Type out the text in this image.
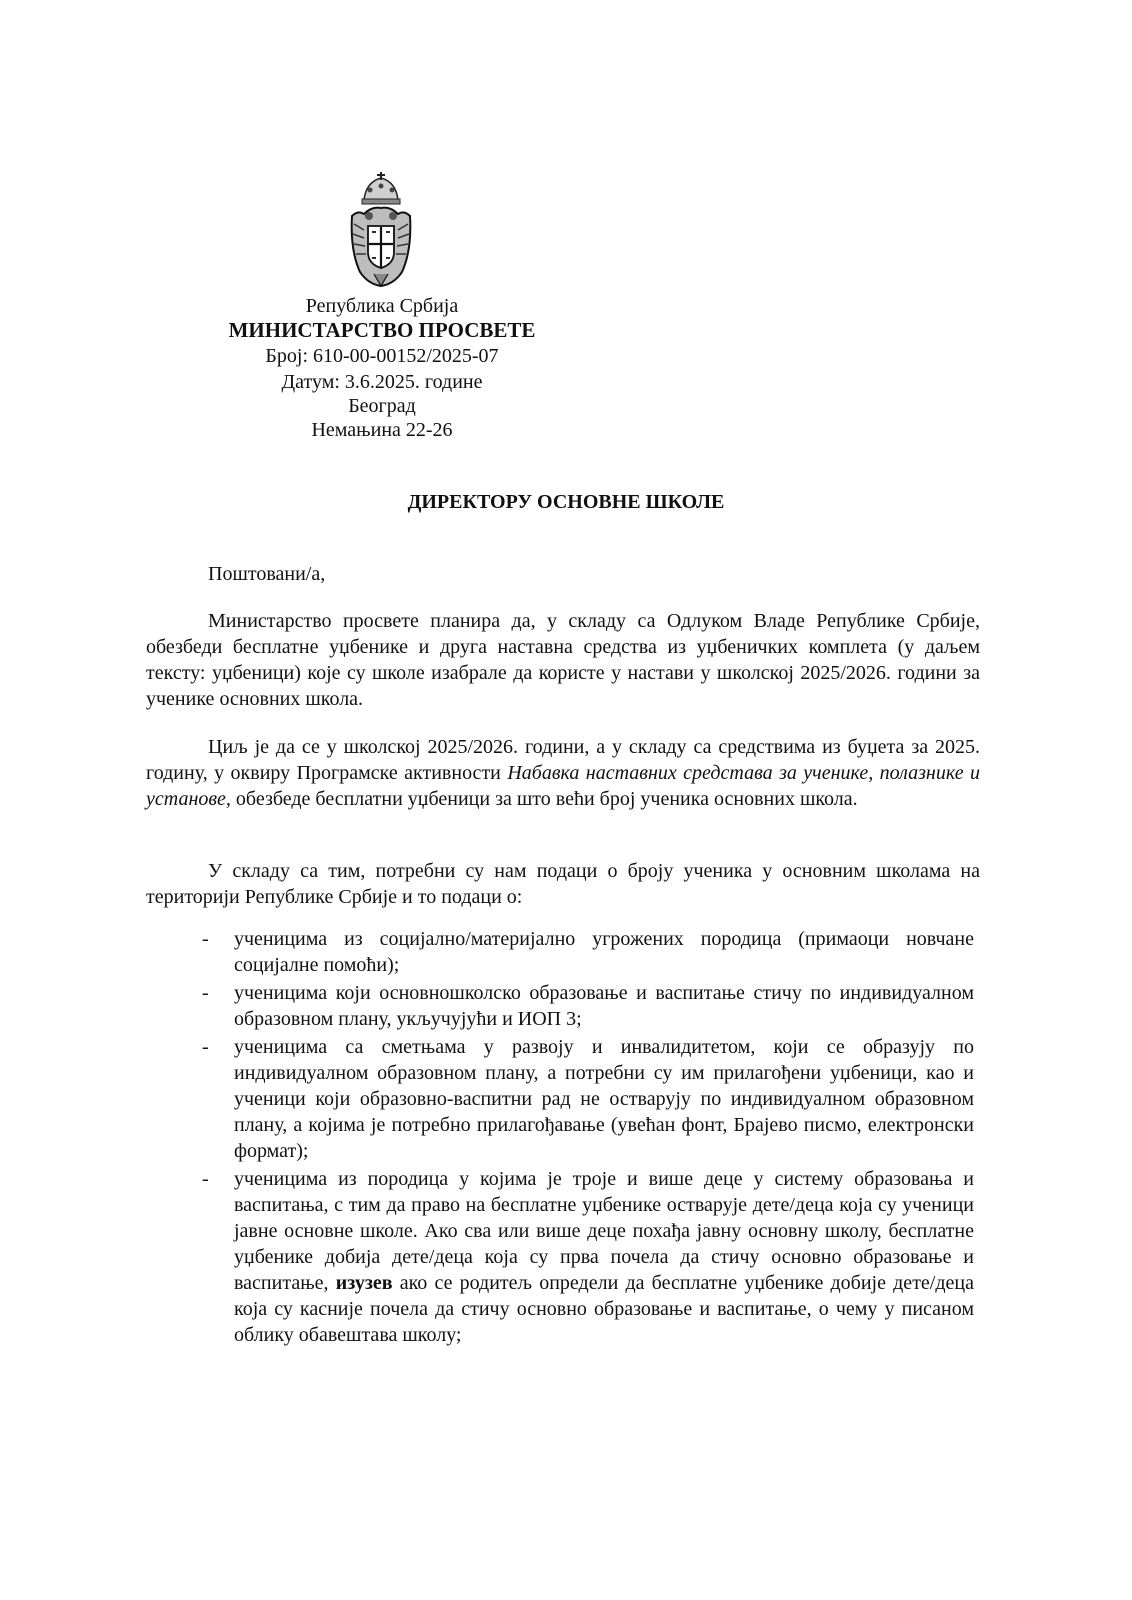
Република Србија
МИНИСТАРСТВО ПРОСВЕТЕ
Број: 610-00-00152/2025-07
Датум: 3.6.2025. године
Београд
Немањина 22-26
ДИРЕКТОРУ ОСНОВНЕ ШКОЛЕ
Поштовани/а,

Министарство просвете планира да, у складу са Одлуком Владе Републике Србије, обезбеди бесплатне уџбенике и друга наставна средства из уџбеничких комплета (у даљем тексту: уџбеници) које су школе изабрале да користе у настави у школској 2025/2026. години за ученике основних школа.

Циљ је да се у школској 2025/2026. години, а у складу са средствима из буџета за 2025. годину, у оквиру Програмске активности Набавка наставних средстава за ученике, полазнике и установе, обезбеде бесплатни уџбеници за што већи број ученика основних школа.

У складу са тим, потребни су нам подаци о броју ученика у основним школама на територији Републике Србије и то подаци о:

- ученицима из социјално/материјално угрожених породица (примаоци новчане социјалне помоћи);
- ученицима који основношколско образовање и васпитање стичу по индивидуалном образовном плану, укључујући и ИОП 3;
- ученицима са сметњама у развоју и инвалидитетом, који се образују по индивидуалном образовном плану, а потребни су им прилагођени уџбеници, као и ученици који образовно-васпитни рад не остварују по индивидуалном образовном плану, а којима је потребно прилагођавање (увећан фонт, Брајево писмо, електронски формат);
- ученицима из породица у којима је троје и више деце у систему образовања и васпитања, с тим да право на бесплатне уџбенике остварује дете/деца која су ученици јавне основне школе. Ако сва или више деце похађа јавну основну школу, бесплатне уџбенике добија дете/деца која су прва почела да стичу основно образовање и васпитање, изузев ако се родитељ определи да бесплатне уџбенике добије дете/деца која су касније почела да стичу основно образовање и васпитање, о чему у писаном облику обавештава школу;
